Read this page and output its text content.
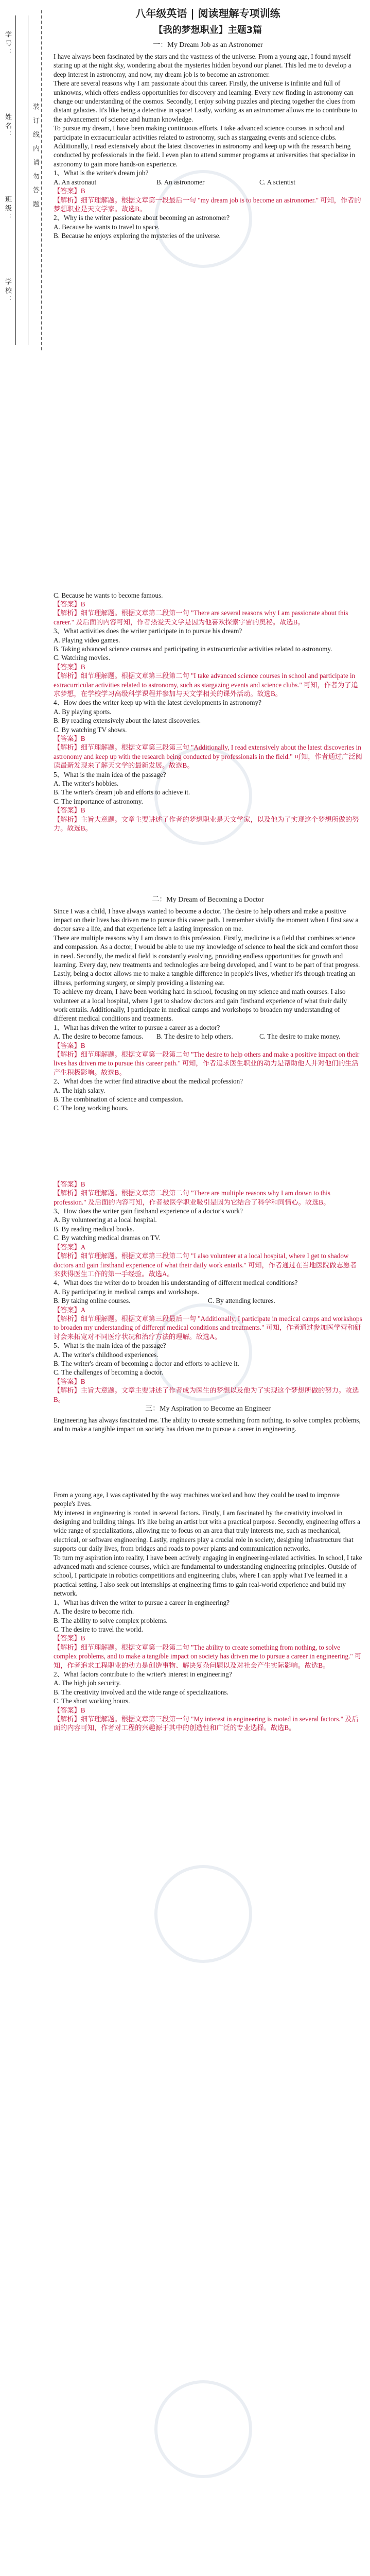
学号：
姓名：
班级：
学校：
装订线内请勿答题
八年级英语 | 阅读理解专项训练
【我的梦想职业】主题3篇
一：My Dream Job as an Astronomer

I have always been fascinated by the stars and the vastness of the universe. From a young age, I found myself staring up at the night sky, wondering about the mysteries hidden beyond our planet. This led me to develop a deep interest in astronomy, and now, my dream job is to become an astronomer.

There are several reasons why I am passionate about this career. Firstly, the universe is infinite and full of unknowns, which offers endless opportunities for discovery and learning. Every new finding in astronomy can change our understanding of the cosmos. Secondly, I enjoy solving puzzles and piecing together the clues from distant galaxies. It's like being a detective in space! Lastly, working as an astronomer allows me to contribute to the advancement of science and human knowledge.

To pursue my dream, I have been making continuous efforts. I take advanced science courses in school and participate in extracurricular activities related to astronomy, such as stargazing events and science clubs. Additionally, I read extensively about the latest discoveries in astronomy and keep up with the research being conducted by professionals in the field. I even plan to attend summer programs at universities that specialize in astronomy to gain more hands-on experience.

1、What is the writer's dream job?

A. An astronaut	B. An astronomer	C. A scientist

【答案】B

【解析】细节理解题。根据文章第一段最后一句 "my dream job is to become an astronomer." 可知，作者的梦想职业是天文学家。故选B。

2、Why is the writer passionate about becoming an astronomer?

A. Because he wants to travel to space.

B. Because he enjoys exploring the mysteries of the universe.

C. Because he wants to become famous.

【答案】B

【解析】细节理解题。根据文章第二段第一句 "There are several reasons why I am passionate about this career." 及后面的内容可知，作者热爱天文学是因为他喜欢探索宇宙的奥秘。故选B。

3、What activities does the writer participate in to pursue his dream?

A. Playing video games.

B. Taking advanced science courses and participating in extracurricular activities related to astronomy.

C. Watching movies.

【答案】B

【解析】细节理解题。根据文章第三段第二句 "I take advanced science courses in school and participate in extracurricular activities related to astronomy, such as stargazing events and science clubs." 可知，作者为了追求梦想，在学校学习高级科学课程并参加与天文学相关的课外活动。故选B。

4、How does the writer keep up with the latest developments in astronomy?

A. By playing sports.

B. By reading extensively about the latest discoveries.

C. By watching TV shows.

【答案】B

【解析】细节理解题。根据文章第三段第三句 "Additionally, I read extensively about the latest discoveries in astronomy and keep up with the research being conducted by professionals in the field." 可知，作者通过广泛阅读最新发现来了解天文学的最新发展。故选B。

5、What is the main idea of the passage?

A. The writer's hobbies.

B. The writer's dream job and efforts to achieve it.

C. The importance of astronomy.

【答案】B

【解析】主旨大意题。文章主要讲述了作者的梦想职业是天文学家，以及他为了实现这个梦想所做的努力。故选B。

二：My Dream of Becoming a Doctor

Since I was a child, I have always wanted to become a doctor. The desire to help others and make a positive impact on their lives has driven me to pursue this career path. I remember vividly the moment when I first saw a doctor save a life, and that experience left a lasting impression on me.

There are multiple reasons why I am drawn to this profession. Firstly, medicine is a field that combines science and compassion. As a doctor, I would be able to use my knowledge of science to heal the sick and comfort those in need. Secondly, the medical field is constantly evolving, providing endless opportunities for growth and learning. Every day, new treatments and technologies are being developed, and I want to be part of that progress. Lastly, being a doctor allows me to make a tangible difference in people's lives, whether it's through treating an illness, performing surgery, or simply providing a listening ear.

To achieve my dream, I have been working hard in school, focusing on my science and math courses. I also volunteer at a local hospital, where I get to shadow doctors and gain firsthand experience of what their daily work entails. Additionally, I participate in medical camps and workshops to broaden my understanding of different medical conditions and treatments.

1、What has driven the writer to pursue a career as a doctor?

A. The desire to become famous.	B. The desire to help others.	C. The desire to make money.

【答案】B

【解析】细节理解题。根据文章第一段第二句 "The desire to help others and make a positive impact on their lives has driven me to pursue this career path." 可知，作者追求医生职业的动力是帮助他人并对他们的生活产生积极影响。故选B。

2、What does the writer find attractive about the medical profession?

A. The high salary.

B. The combination of science and compassion.

C. The long working hours.

【答案】B

【解析】细节理解题。根据文章第二段第二句 "There are multiple reasons why I am drawn to this profession." 及后面的内容可知，作者被医学职业吸引是因为它结合了科学和同情心。故选B。

3、How does the writer gain firsthand experience of a doctor's work?

A. By volunteering at a local hospital.

B. By reading medical books.

C. By watching medical dramas on TV.

【答案】A

【解析】细节理解题。根据文章第三段第二句 "I also volunteer at a local hospital, where I get to shadow doctors and gain firsthand experience of what their daily work entails." 可知，作者通过在当地医院做志愿者来获得医生工作的第一手经验。故选A。

4、What does the writer do to broaden his understanding of different medical conditions?

A. By participating in medical camps and workshops.

B. By taking online courses.	C. By attending lectures.

【答案】A

【解析】细节理解题。根据文章第三段最后一句 "Additionally, I participate in medical camps and workshops to broaden my understanding of different medical conditions and treatments." 可知，作者通过参加医学营和研讨会来拓宽对不同医疗状况和治疗方法的理解。故选A。

5、What is the main idea of the passage?

A. The writer's childhood experiences.

B. The writer's dream of becoming a doctor and efforts to achieve it.

C. The challenges of becoming a doctor.

【答案】B

【解析】主旨大意题。文章主要讲述了作者成为医生的梦想以及他为了实现这个梦想所做的努力。故选B。

三：My Aspiration to Become an Engineer

Engineering has always fascinated me. The ability to create something from nothing, to solve complex problems, and to make a tangible impact on society has driven me to pursue a career in engineering.

From a young age, I was captivated by the way machines worked and how they could be used to improve people's lives.

My interest in engineering is rooted in several factors. Firstly, I am fascinated by the creativity involved in designing and building things. It's like being an artist but with a practical purpose. Secondly, engineering offers a wide range of specializations, allowing me to focus on an area that truly interests me, such as mechanical, electrical, or software engineering. Lastly, engineers play a crucial role in society, designing infrastructure that supports our daily lives, from bridges and roads to power plants and communication networks.

To turn my aspiration into reality, I have been actively engaging in engineering-related activities. In school, I take advanced math and science courses, which are fundamental to understanding engineering principles. Outside of school, I participate in robotics competitions and engineering clubs, where I can apply what I've learned in a practical setting. I also seek out internships at engineering firms to gain real-world experience and build my network.

1、What has driven the writer to pursue a career in engineering?

A. The desire to become rich.

B. The ability to solve complex problems.

C. The desire to travel the world.

【答案】B

【解析】细节理解题。根据文章第一段第二句 "The ability to create something from nothing, to solve complex problems, and to make a tangible impact on society has driven me to pursue a career in engineering." 可知，作者追求工程职业的动力是创造事物、解决复杂问题以及对社会产生实际影响。故选B。

2、What factors contribute to the writer's interest in engineering?

A. The high job security.

B. The creativity involved and the wide range of specializations.

C. The short working hours.

【答案】B

【解析】细节理解题。根据文章第三段第一句 "My interest in engineering is rooted in several factors." 及后面的内容可知，作者对工程的兴趣源于其中的创造性和广泛的专业选择。故选B。
